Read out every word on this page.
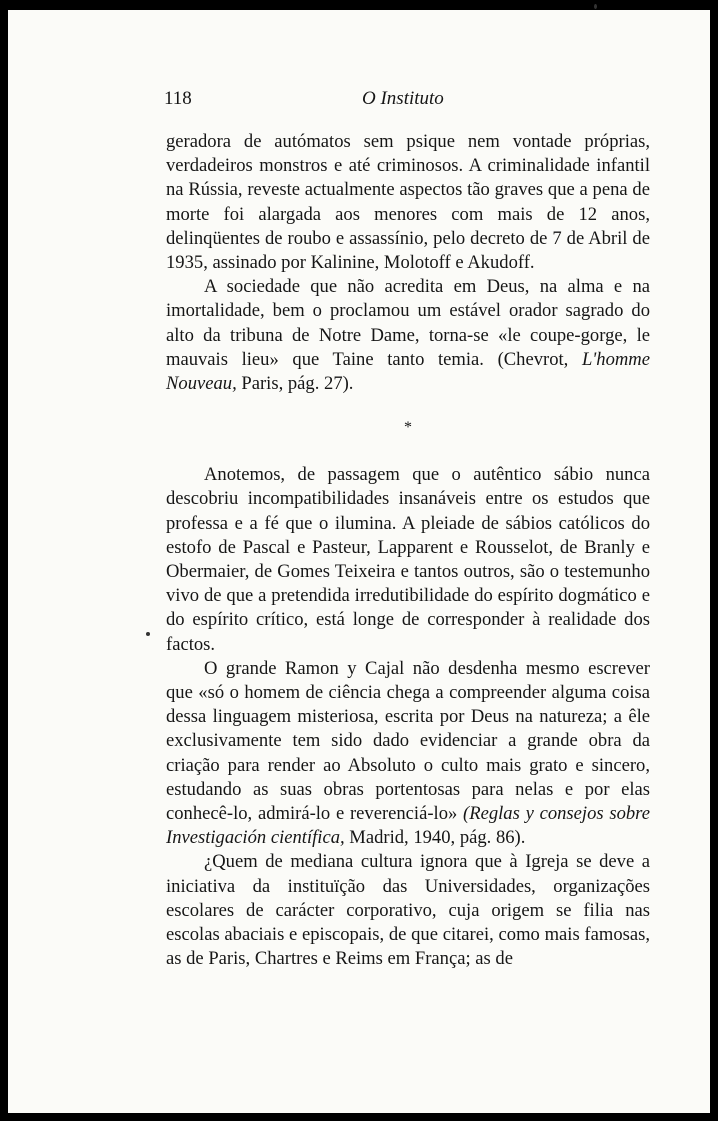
118	O Instituto

geradora de autómatos sem psique nem vontade próprias, verdadeiros monstros e até criminosos. A criminalidade infantil na Rússia, reveste actualmente aspectos tão graves que a pena de morte foi alargada aos menores com mais de 12 anos, delinqüentes de roubo e assassínio, pelo decreto de 7 de Abril de 1935, assinado por Kalinine, Molotoff e Akudoff.

A sociedade que não acredita em Deus, na alma e na imortalidade, bem o proclamou um estável orador sagrado do alto da tribuna de Notre Dame, torna-se «le coupe-gorge, le mauvais lieu» que Taine tanto temia. (Chevrot, L'homme Nouveau, Paris, pág. 27).

*

Anotemos, de passagem que o autêntico sábio nunca descobriu incompatibilidades insanáveis entre os estudos que professa e a fé que o ilumina. A pleiade de sábios católicos do estofo de Pascal e Pasteur, Lapparent e Rousselot, de Branly e Obermaier, de Gomes Teixeira e tantos outros, são o testemunho vivo de que a pretendida irredutibilidade do espírito dogmático e do espírito crítico, está longe de corresponder à realidade dos factos.

O grande Ramon y Cajal não desdenha mesmo escrever que «só o homem de ciência chega a compreender alguma coisa dessa linguagem misteriosa, escrita por Deus na natureza; a êle exclusivamente tem sido dado evidenciar a grande obra da criação para render ao Absoluto o culto mais grato e sincero, estudando as suas obras portentosas para nelas e por elas conhecê-lo, admirá-lo e reverenciá-lo» (Reglas y consejos sobre Investigación científica, Madrid, 1940, pág. 86).

¿Quem de mediana cultura ignora que à Igreja se deve a iniciativa da instituïção das Universidades, organizações escolares de carácter corporativo, cuja origem se filia nas escolas abaciais e episcopais, de que citarei, como mais famosas, as de Paris, Chartres e Reims em França; as de
